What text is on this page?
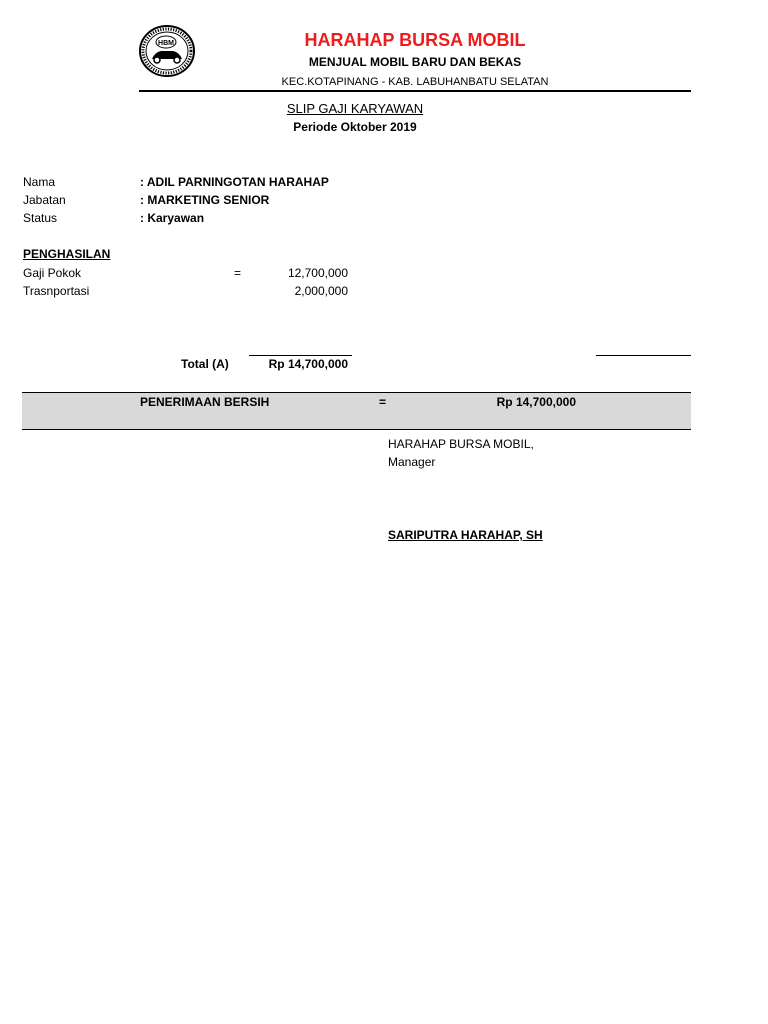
HBM	HARAHAP BURSA MOBIL
MENJUAL MOBIL BARU DAN BEKAS
KEC.KOTAPINANG - KAB. LABUHANBATU SELATAN
SLIP GAJI KARYAWAN
Periode Oktober 2019
Nama	: ADIL PARNINGOTAN HARAHAP
Jabatan	: MARKETING SENIOR
Status	: Karyawan
PENGHASILAN
Gaji Pokok	=	12,700,000
Trasnportasi	2,000,000
Total (A)	Rp 14,700,000
PENERIMAAN BERSIH	=	Rp 14,700,000
HARAHAP BURSA MOBIL,
Manager
SARIPUTRA HARAHAP, SH
